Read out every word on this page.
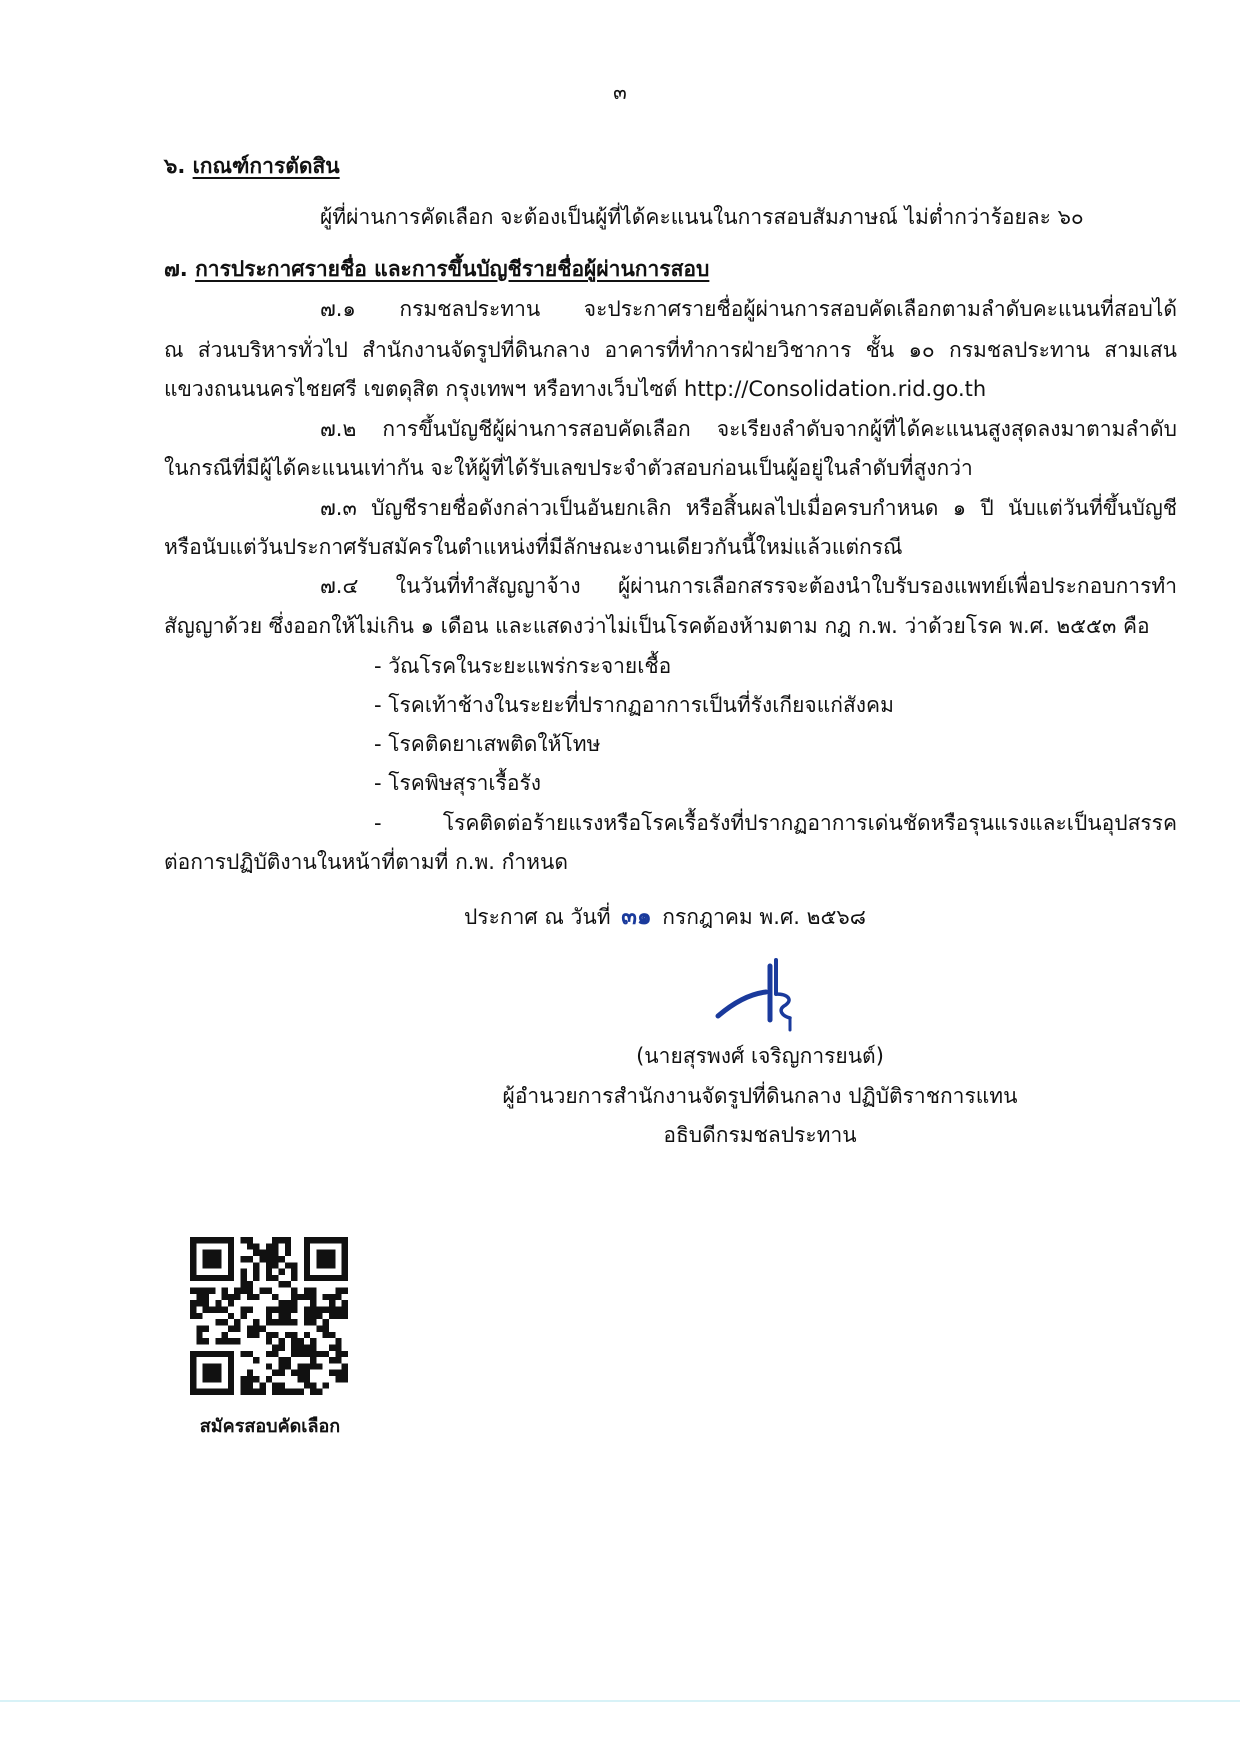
๓
๖. เกณฑ์การตัดสิน
ผู้ที่ผ่านการคัดเลือก จะต้องเป็นผู้ที่ได้คะแนนในการสอบสัมภาษณ์ ไม่ต่ำกว่าร้อยละ ๖๐
๗. การประกาศรายชื่อ และการขึ้นบัญชีรายชื่อผู้ผ่านการสอบ
๗.๑ กรมชลประทาน จะประกาศรายชื่อผู้ผ่านการสอบคัดเลือกตามลำดับคะแนนที่สอบได้
ณ ส่วนบริหารทั่วไป สำนักงานจัดรูปที่ดินกลาง อาคารที่ทำการฝ่ายวิชาการ ชั้น ๑๐ กรมชลประทาน สามเสน
แขวงถนนนครไชยศรี เขตดุสิต กรุงเทพฯ หรือทางเว็บไซต์ http://Consolidation.rid.go.th
๗.๒ การขึ้นบัญชีผู้ผ่านการสอบคัดเลือก จะเรียงลำดับจากผู้ที่ได้คะแนนสูงสุดลงมาตามลำดับ
ในกรณีที่มีผู้ได้คะแนนเท่ากัน จะให้ผู้ที่ได้รับเลขประจำตัวสอบก่อนเป็นผู้อยู่ในลำดับที่สูงกว่า
๗.๓ บัญชีรายชื่อดังกล่าวเป็นอันยกเลิก หรือสิ้นผลไปเมื่อครบกำหนด ๑ ปี นับแต่วันที่ขึ้นบัญชี
หรือนับแต่วันประกาศรับสมัครในตำแหน่งที่มีลักษณะงานเดียวกันนี้ใหม่แล้วแต่กรณี
๗.๔ ในวันที่ทำสัญญาจ้าง ผู้ผ่านการเลือกสรรจะต้องนำใบรับรองแพทย์เพื่อประกอบการทำ
สัญญาด้วย ซึ่งออกให้ไม่เกิน ๑ เดือน และแสดงว่าไม่เป็นโรคต้องห้ามตาม กฎ ก.พ. ว่าด้วยโรค พ.ศ. ๒๕๕๓ คือ
- วัณโรคในระยะแพร่กระจายเชื้อ
- โรคเท้าช้างในระยะที่ปรากฏอาการเป็นที่รังเกียจแก่สังคม
- โรคติดยาเสพติดให้โทษ
- โรคพิษสุราเรื้อรัง
- โรคติดต่อร้ายแรงหรือโรคเรื้อรังที่ปรากฏอาการเด่นชัดหรือรุนแรงและเป็นอุปสรรค
ต่อการปฏิบัติงานในหน้าที่ตามที่ ก.พ. กำหนด
ประกาศ ณ วันที่ ๓๑ กรกฎาคม พ.ศ. ๒๕๖๘
(นายสุรพงศ์ เจริญการยนต์)
ผู้อำนวยการสำนักงานจัดรูปที่ดินกลาง ปฏิบัติราชการแทน
อธิบดีกรมชลประทาน
สมัครสอบคัดเลือก
